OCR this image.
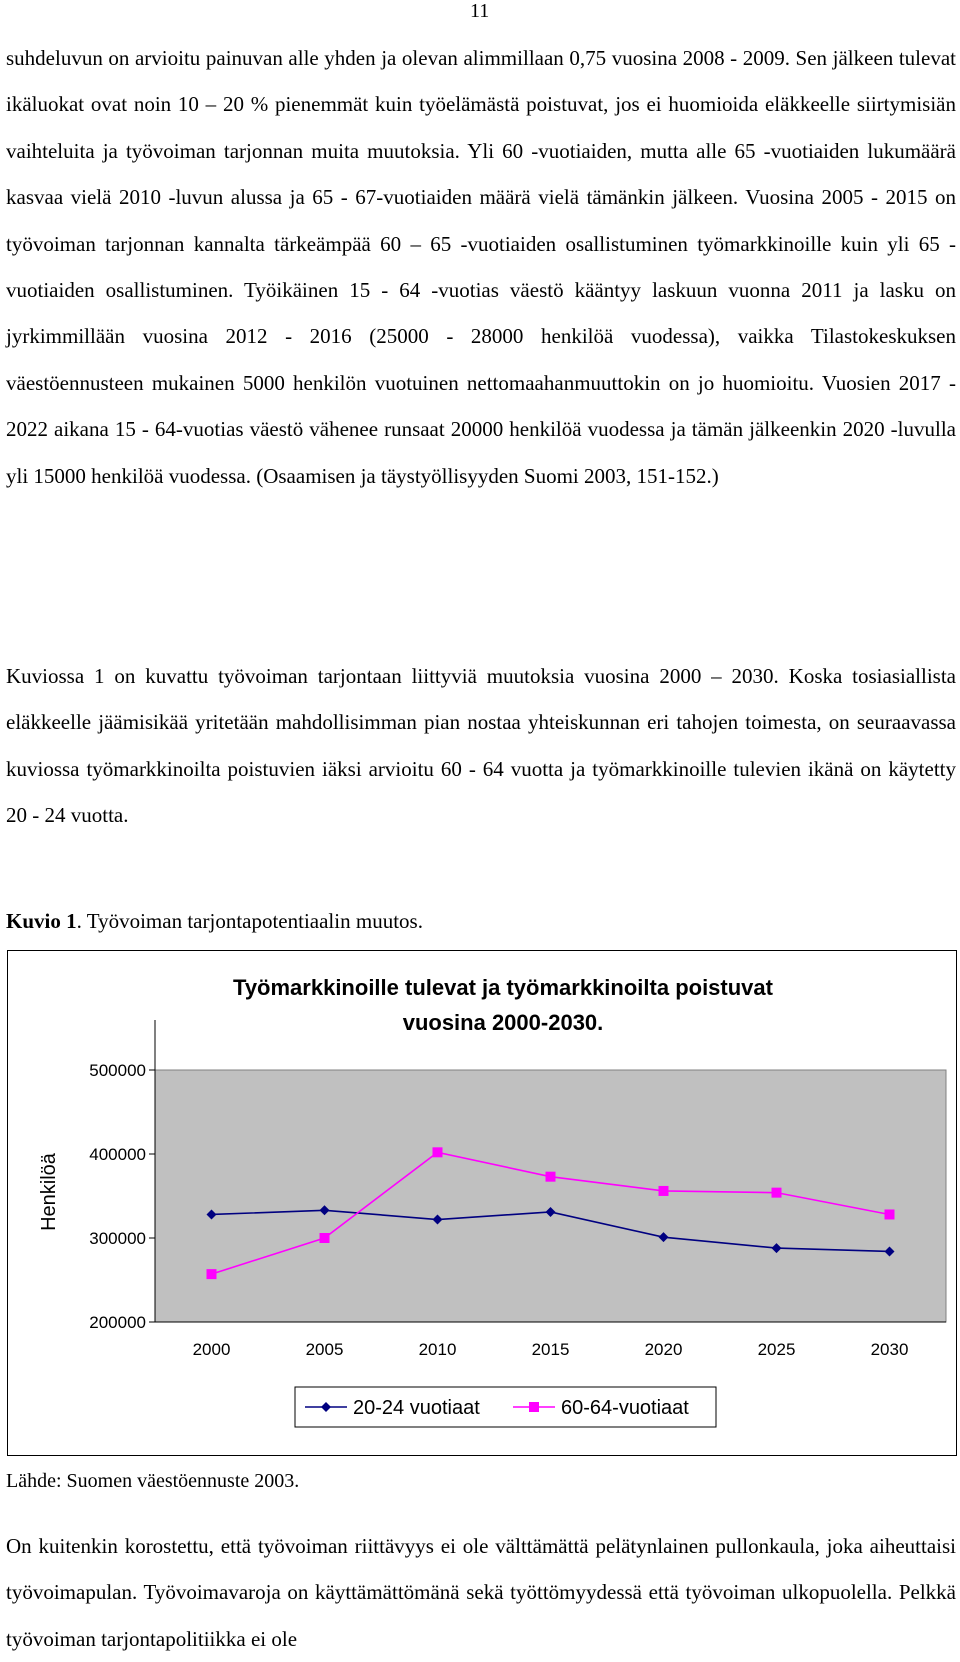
11

suhdeluvun on arvioitu painuvan alle yhden ja olevan alimmillaan 0,75 vuosina 2008 - 2009. Sen jälkeen tulevat ikäluokat ovat noin 10 – 20 % pienemmät kuin työelämästä poistuvat, jos ei huomioida eläkkeelle siirtymisiän vaihteluita ja työvoiman tarjonnan muita muutoksia. Yli 60 -vuotiaiden, mutta alle 65 -vuotiaiden lukumäärä kasvaa vielä 2010 -luvun alussa ja 65 - 67-vuotiaiden määrä vielä tämänkin jälkeen. Vuosina 2005 - 2015 on työvoiman tarjonnan kannalta tärkeämpää 60 – 65 -vuotiaiden osallistuminen työmarkkinoille kuin yli 65 -vuotiaiden osallistuminen. Työikäinen 15 - 64 -vuotias väestö kääntyy laskuun vuonna 2011 ja lasku on jyrkimmillään vuosina 2012 - 2016 (25000 - 28000 henkilöä vuodessa), vaikka Tilastokeskuksen väestöennusteen mukainen 5000 henkilön vuotuinen nettomaahanmuuttokin on jo huomioitu. Vuosien 2017 - 2022 aikana 15 - 64-vuotias väestö vähenee runsaat 20000 henkilöä vuodessa ja tämän jälkeenkin 2020 -luvulla yli 15000 henkilöä vuodessa. (Osaamisen ja täystyöllisyyden Suomi 2003, 151-152.)

Kuviossa 1 on kuvattu työvoiman tarjontaan liittyviä muutoksia vuosina 2000 – 2030. Koska tosiasiallista eläkkeelle jäämisikää yritetään mahdollisimman pian nostaa yhteiskunnan eri tahojen toimesta, on seuraavassa kuviossa työmarkkinoilta poistuvien iäksi arvioitu 60 - 64 vuotta ja työmarkkinoille tulevien ikänä on käytetty 20 - 24 vuotta.

Kuvio 1. Työvoiman tarjontapotentiaalin muutos.

Työmarkkinoille tulevat ja työmarkkinoilta poistuvat
vuosina 2000-2030.
200000
300000
400000
500000
Henkilöä
2000	2005	2010	2015	2020	2025	2030
20-24 vuotiaat	60-64-vuotiaat

Lähde: Suomen väestöennuste 2003.

On kuitenkin korostettu, että työvoiman riittävyys ei ole välttämättä pelätynlainen pullonkaula, joka aiheuttaisi työvoimapulan. Työvoimavaroja on käyttämättömänä sekä työttömyydessä että työvoiman ulkopuolella. Pelkkä työvoiman tarjontapolitiikka ei ole
